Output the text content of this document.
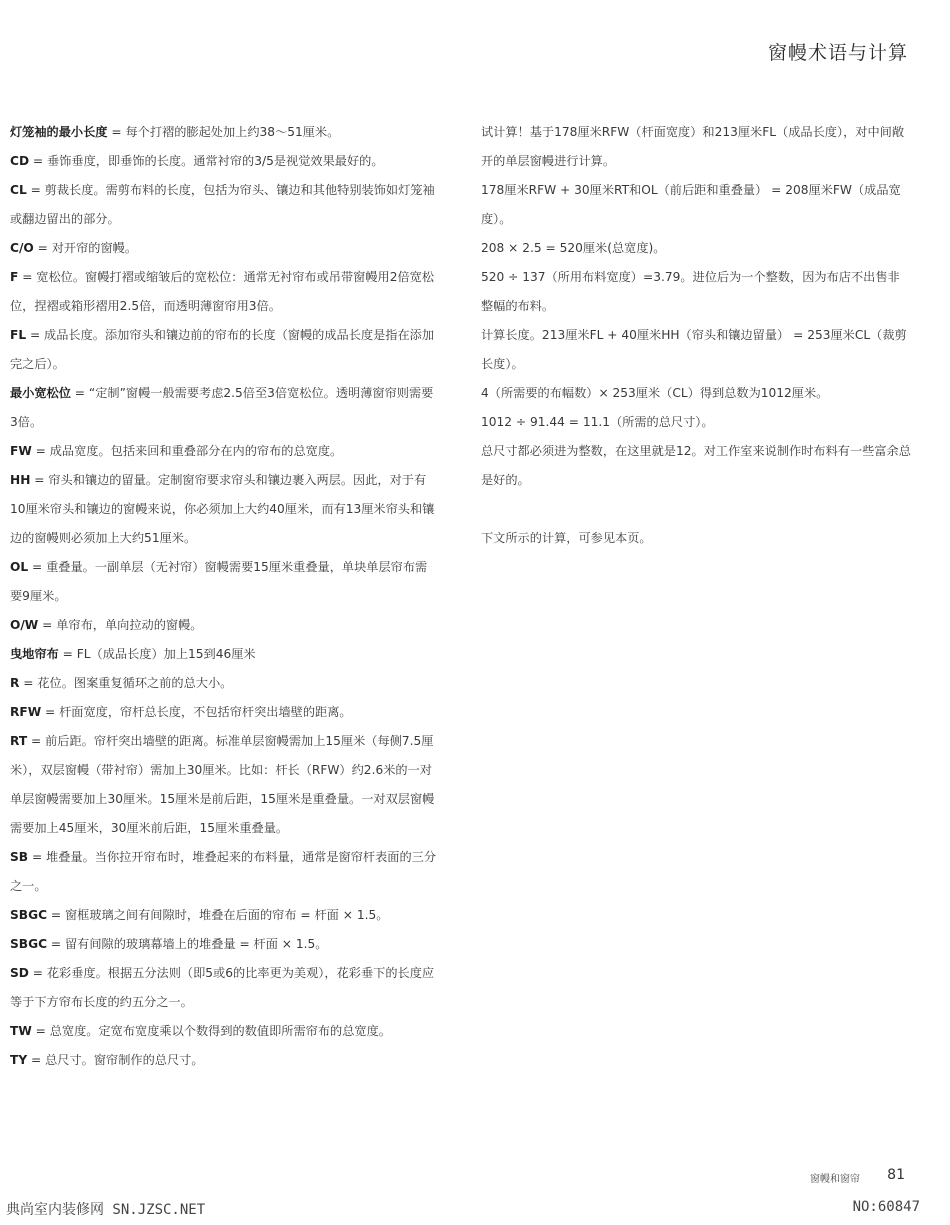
窗幔术语与计算

灯笼袖的最小长度 = 每个打褶的膨起处加上约38～51厘米。

CD = 垂饰垂度，即垂饰的长度。通常衬帘的3/5是视觉效果最好的。

CL = 剪裁长度。需剪布料的长度，包括为帘头、镶边和其他特别装饰如灯笼袖或翻边留出的部分。

C/O = 对开帘的窗幔。

F = 宽松位。窗幔打褶或缩皱后的宽松位：通常无衬帘布或吊带窗幔用2倍宽松位，捏褶或箱形褶用2.5倍，而透明薄窗帘用3倍。

FL = 成品长度。添加帘头和镶边前的帘布的长度（窗幔的成品长度是指在添加完之后）。

最小宽松位 = “定制”窗幔一般需要考虑2.5倍至3倍宽松位。透明薄窗帘则需要3倍。

FW = 成品宽度。包括来回和重叠部分在内的帘布的总宽度。

HH = 帘头和镶边的留量。定制窗帘要求帘头和镶边裹入两层。因此，对于有10厘米帘头和镶边的窗幔来说，你必须加上大约40厘米，而有13厘米帘头和镶边的窗幔则必须加上大约51厘米。

OL = 重叠量。一副单层（无衬帘）窗幔需要15厘米重叠量，单块单层帘布需要9厘米。

O/W = 单帘布，单向拉动的窗幔。

曳地帘布 = FL（成品长度）加上15到46厘米

R = 花位。图案重复循环之前的总大小。

RFW = 杆面宽度，帘杆总长度，不包括帘杆突出墙壁的距离。

RT = 前后距。帘杆突出墙壁的距离。标准单层窗幔需加上15厘米（每侧7.5厘米），双层窗幔（带衬帘）需加上30厘米。比如：杆长（RFW）约2.6米的一对单层窗幔需要加上30厘米。15厘米是前后距，15厘米是重叠量。一对双层窗幔需要加上45厘米，30厘米前后距，15厘米重叠量。

SB = 堆叠量。当你拉开帘布时，堆叠起来的布料量，通常是窗帘杆表面的三分之一。

SBGC = 窗框玻璃之间有间隙时，堆叠在后面的帘布 = 杆面 × 1.5。

SBGC = 留有间隙的玻璃幕墙上的堆叠量 = 杆面 × 1.5。

SD = 花彩垂度。根据五分法则（即5或6的比率更为美观），花彩垂下的长度应等于下方帘布长度的约五分之一。

TW = 总宽度。定宽布宽度乘以个数得到的数值即所需帘布的总宽度。

TY = 总尺寸。窗帘制作的总尺寸。

试计算！基于178厘米RFW（杆面宽度）和213厘米FL（成品长度），对中间敞开的单层窗幔进行计算。

178厘米RFW + 30厘米RT和OL（前后距和重叠量） = 208厘米FW（成品宽度）。

208 × 2.5 = 520厘米(总宽度)。

520 ÷ 137（所用布料宽度）=3.79。进位后为一个整数，因为布店不出售非整幅的布料。

计算长度。213厘米FL + 40厘米HH（帘头和镶边留量） = 253厘米CL（裁剪长度）。

4（所需要的布幅数）× 253厘米（CL）得到总数为1012厘米。

1012 ÷ 91.44 = 11.1（所需的总尺寸）。

总尺寸都必须进为整数，在这里就是12。对工作室来说制作时布料有一些富余总是好的。

下文所示的计算，可参见本页。

窗幔和窗帘 81
典尚室内装修网 SN.JZSC.NET	NO:60847
